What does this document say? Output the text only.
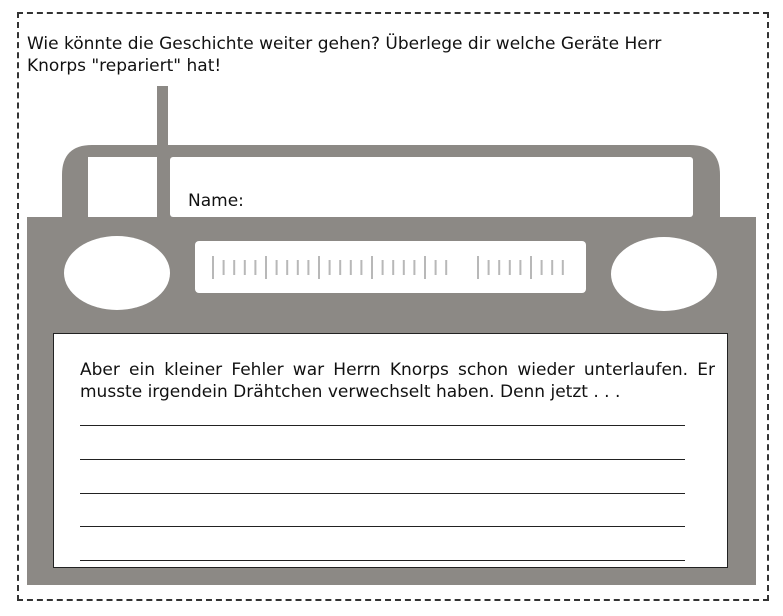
Wie könnte die Geschichte weiter gehen? Überlege dir welche Geräte Herr Knorps "repariert" hat!

Name:

Aber ein kleiner Fehler war Herrn Knorps schon wieder unterlaufen. Er musste irgendein Drähtchen verwechselt haben. Denn jetzt . . .
